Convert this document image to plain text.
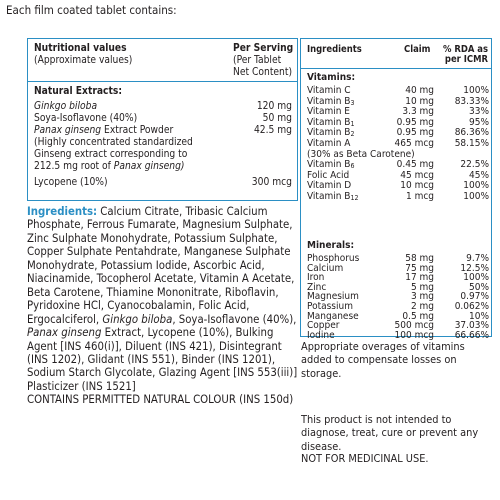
Each film coated tablet contains:
Nutritional values
(Approximate values)
Per Serving
(Per Tablet
Net Content)
Natural Extracts:
Ginkgo biloba	120 mg
Soya-Isoflavone (40%)	50 mg
Panax ginseng Extract Powder	42.5 mg
(Highly concentrated standardized
Ginseng extract corresponding to
212.5 mg root of Panax ginseng)
Lycopene (10%)	300 mcg
Ingredients: Calcium Citrate, Tribasic Calcium Phosphate, Ferrous Fumarate, Magnesium Sulphate, Zinc Sulphate Monohydrate, Potassium Sulphate, Copper Sulphate Pentahdrate, Manganese Sulphate Monohydrate, Potassium Iodide, Ascorbic Acid, Niacinamide, Tocopherol Acetate, Vitamin A Acetate, Beta Carotene, Thiamine Mononitrate, Riboflavin, Pyridoxine HCl, Cyanocobalamin, Folic Acid, Ergocalciferol, Ginkgo biloba, Soya-Isoflavone (40%), Panax ginseng Extract, Lycopene (10%), Bulking Agent [INS 460(i)], Diluent (INS 421), Disintegrant (INS 1202), Glidant (INS 551), Binder (INS 1201), Sodium Starch Glycolate, Glazing Agent [INS 553(iii)] Plasticizer (INS 1521]
CONTAINS PERMITTED NATURAL COLOUR (INS 150d)
Ingredients	Claim	% RDA as
per ICMR
Vitamins:
Vitamin C	40 mg	100%
Vitamin B3	10 mg 83.33%
Vitamin E	3.3 mg	33%
Vitamin B1	0.95 mg	95%
Vitamin B2	0.95 mg 86.36%
Vitamin A	465 mcg 58.15%
(30% as Beta Carotene)
Vitamin B6	0.45 mg	22.5%
Folic Acid	45 mcg	45%
Vitamin D	10 mcg	100%
Vitamin B12	1 mcg	100%
Minerals:
Phosphorus	58 mg	9.7%
Calcium	75 mg	12.5%
Iron	17 mg	100%
Zinc	5 mg	50%
Magnesium	3 mg	0.97%
Potassium	2 mg 0.062%
Manganese	0.5 mg	10%
Copper	500 mcg 37.03%
Iodine	100 mcg 66.66%
Appropriate overages of vitamins added to compensate losses on storage.
This product is not intended to diagnose, treat, cure or prevent any disease.
NOT FOR MEDICINAL USE.
